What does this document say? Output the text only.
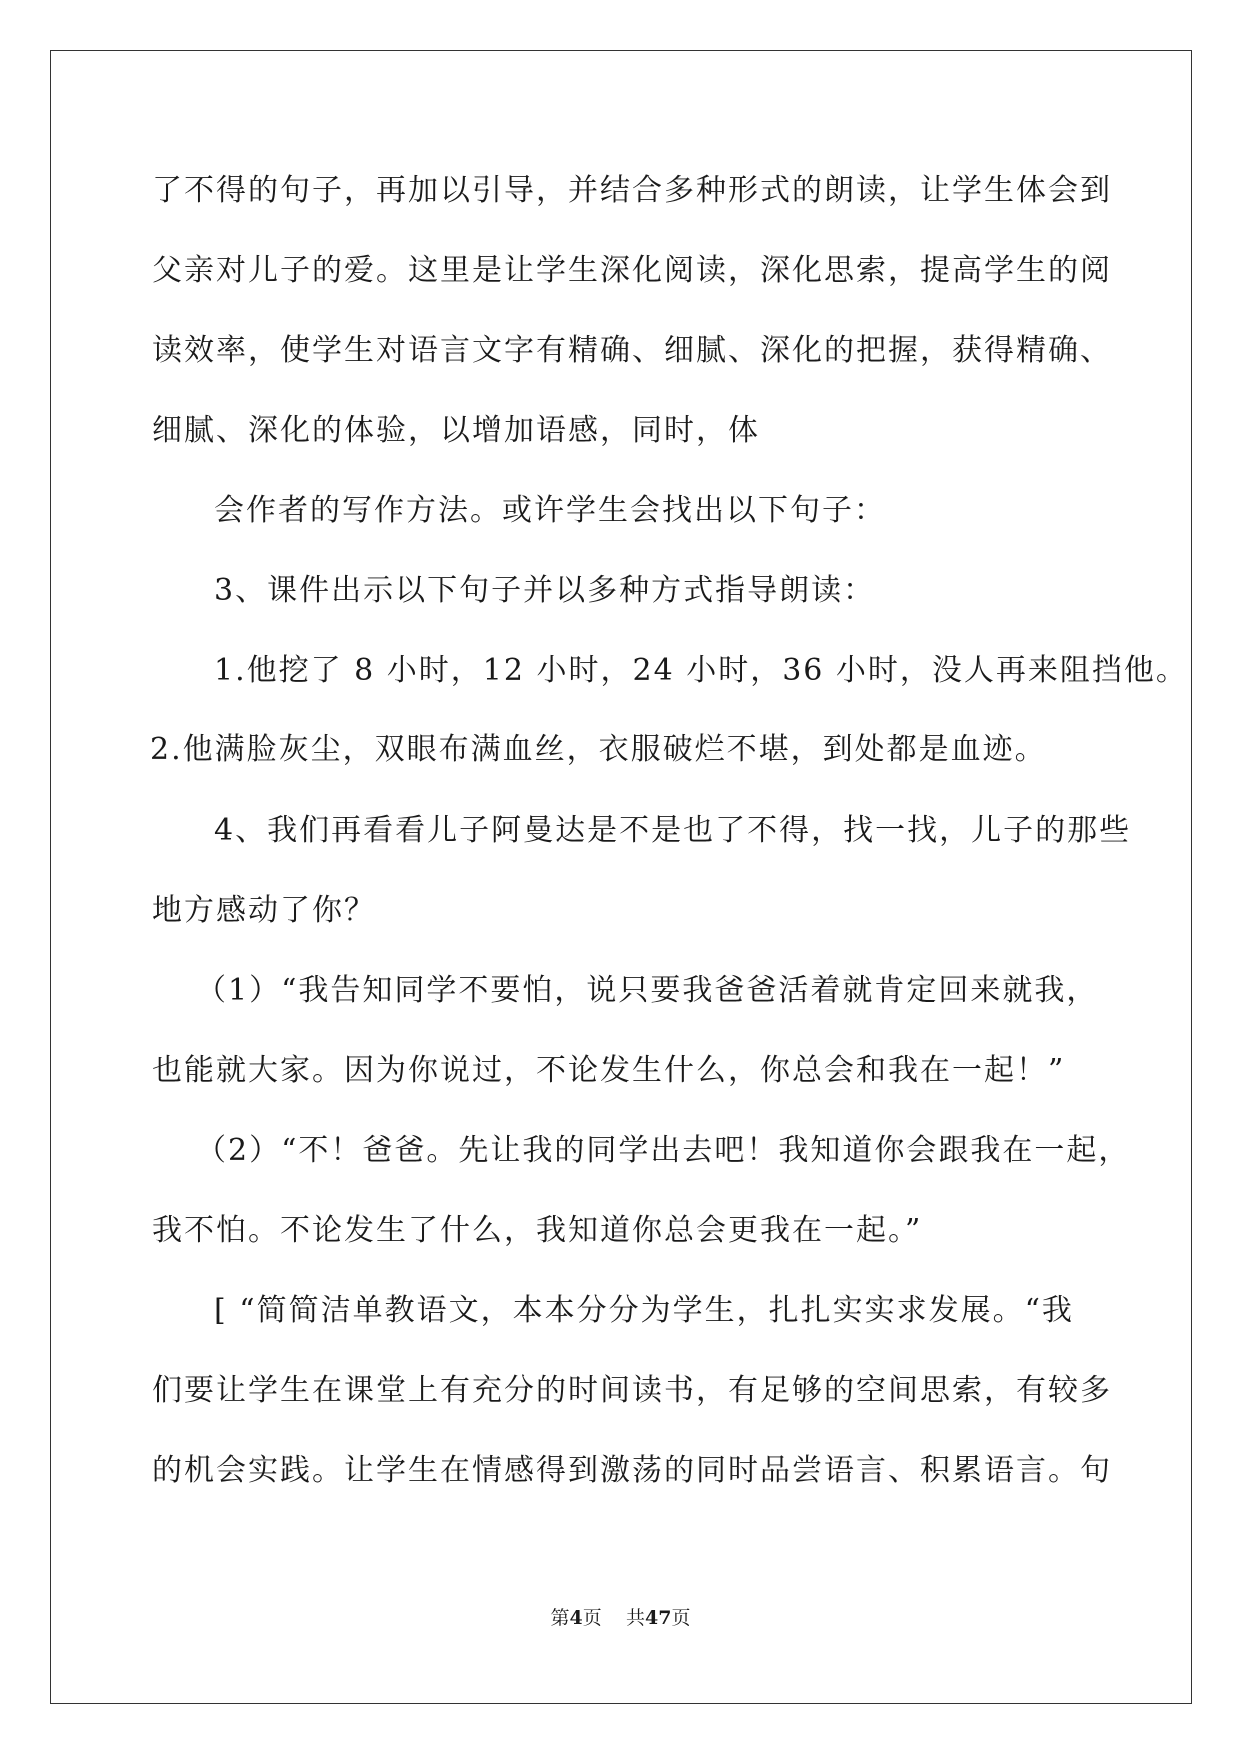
了不得的句子，再加以引导，并结合多种形式的朗读，让学生体会到
父亲对儿子的爱。这里是让学生深化阅读，深化思索，提高学生的阅
读效率，使学生对语言文字有精确、细腻、深化的把握，获得精确、
细腻、深化的体验，以增加语感，同时，体
会作者的写作方法。或许学生会找出以下句子：
3、课件出示以下句子并以多种方式指导朗读：
1.他挖了 8 小时，12 小时，24 小时，36 小时，没人再来阻挡他。
2.他满脸灰尘，双眼布满血丝，衣服破烂不堪，到处都是血迹。
4、我们再看看儿子阿曼达是不是也了不得，找一找，儿子的那些
地方感动了你？
（1）“我告知同学不要怕，说只要我爸爸活着就肯定回来就我，
也能就大家。因为你说过，不论发生什么，你总会和我在一起！”
（2）“不！爸爸。先让我的同学出去吧！我知道你会跟我在一起，
我不怕。不论发生了什么，我知道你总会更我在一起。”
[ “简简洁单教语文，本本分分为学生，扎扎实实求发展。“我
们要让学生在课堂上有充分的时间读书，有足够的空间思索，有较多
的机会实践。让学生在情感得到激荡的同时品尝语言、积累语言。句
第4页 共47页
